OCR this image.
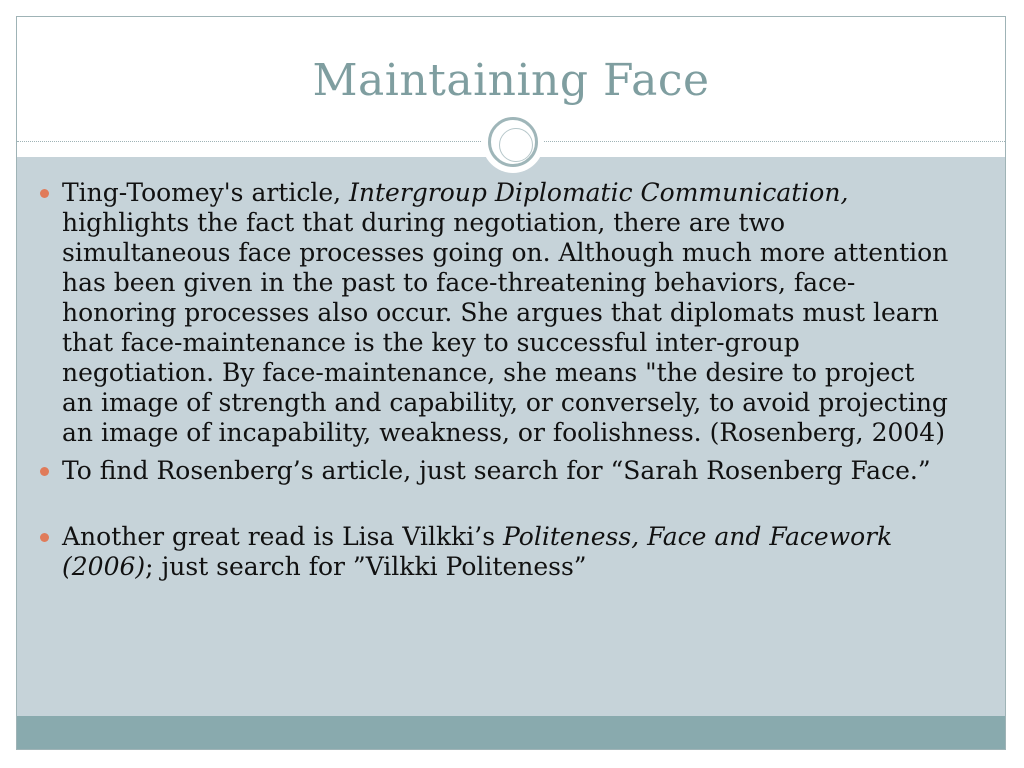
Maintaining Face
Ting-Toomey's article, Intergroup Diplomatic Communication, highlights the fact that during negotiation, there are two simultaneous face processes going on. Although much more attention has been given in the past to face-threatening behaviors, face-honoring processes also occur. She argues that diplomats must learn that face-maintenance is the key to successful inter-group negotiation. By face-maintenance, she means "the desire to project an image of strength and capability, or conversely, to avoid projecting an image of incapability, weakness, or foolishness. (Rosenberg, 2004)
To find Rosenberg’s article, just search for “Sarah Rosenberg Face.”
Another great read is Lisa Vilkki’s Politeness, Face and Facework (2006); just search for ”Vilkki Politeness”
